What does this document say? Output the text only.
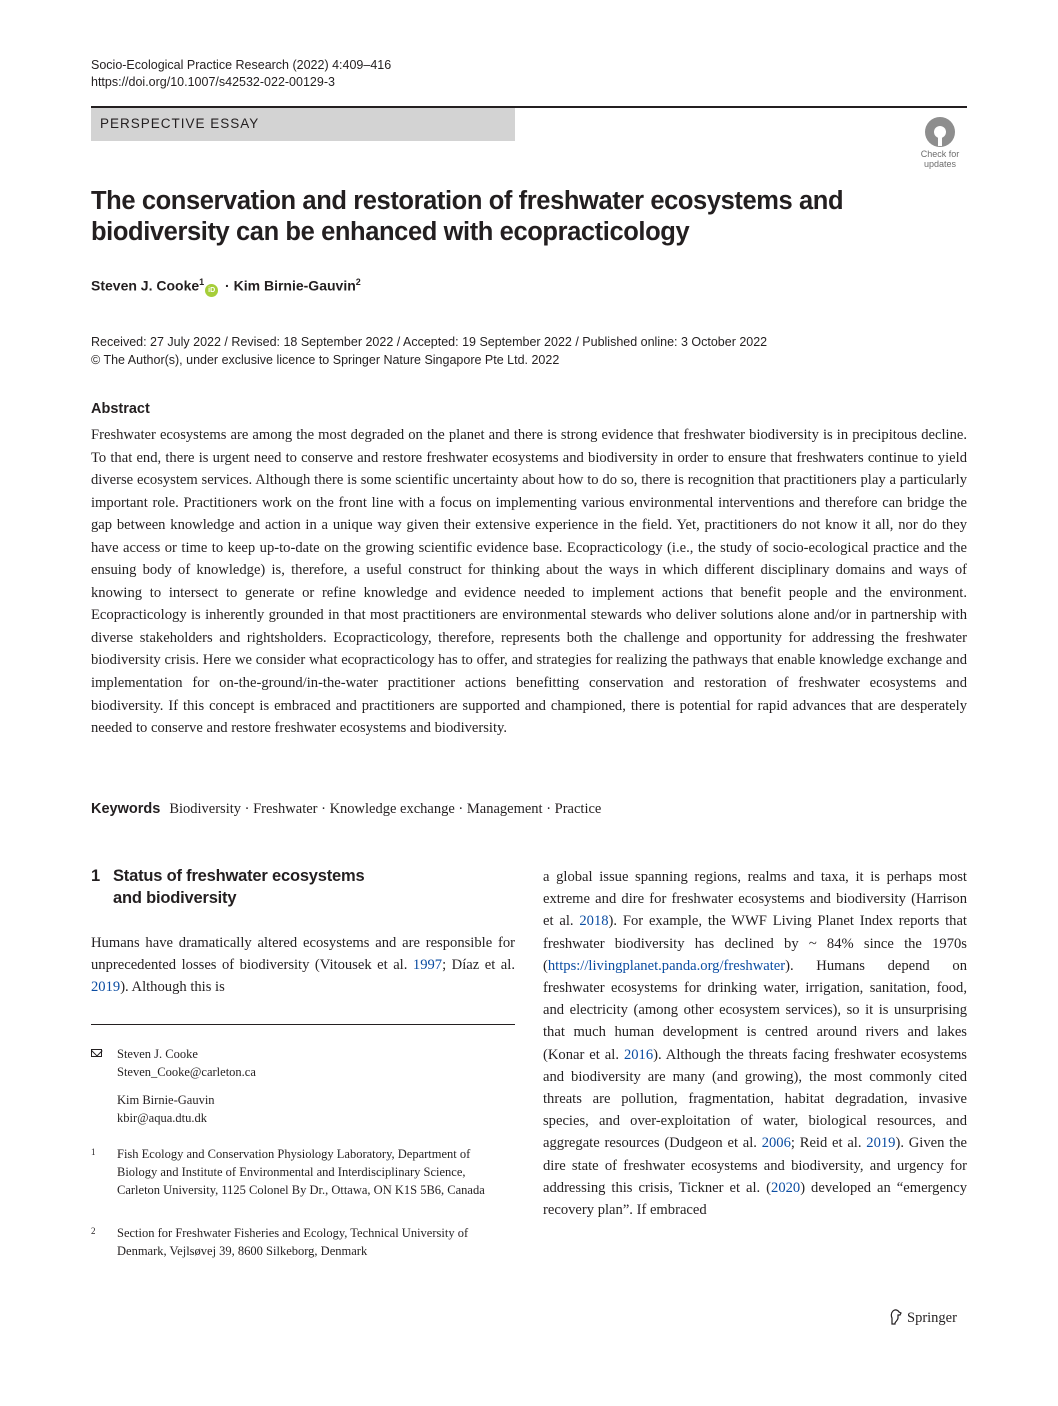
Socio-Ecological Practice Research (2022) 4:409–416
https://doi.org/10.1007/s42532-022-00129-3
PERSPECTIVE ESSAY
Check for
updates
The conservation and restoration of freshwater ecosystems and biodiversity can be enhanced with ecopracticology
Steven J. Cooke$^1$iD · Kim Birnie-Gauvin$^2$
Received: 27 July 2022 / Revised: 18 September 2022 / Accepted: 19 September 2022 / Published online: 3 October 2022
© The Author(s), under exclusive licence to Springer Nature Singapore Pte Ltd. 2022
Abstract

Freshwater ecosystems are among the most degraded on the planet and there is strong evidence that freshwater biodiversity is in precipitous decline. To that end, there is urgent need to conserve and restore freshwater ecosystems and biodiversity in order to ensure that freshwaters continue to yield diverse ecosystem services. Although there is some scientific uncertainty about how to do so, there is recognition that practitioners play a particularly important role. Practitioners work on the front line with a focus on implementing various environmental interventions and therefore can bridge the gap between knowledge and action in a unique way given their extensive experience in the field. Yet, practitioners do not know it all, nor do they have access or time to keep up-to-date on the growing scientific evidence base. Ecopracticology (i.e., the study of socio-ecological practice and the ensuing body of knowledge) is, therefore, a useful construct for thinking about the ways in which different disciplinary domains and ways of knowing to intersect to generate or refine knowledge and evidence needed to implement actions that benefit people and the environment. Ecopracticology is inherently grounded in that most practitioners are environmental stewards who deliver solutions alone and/or in partnership with diverse stakeholders and rightsholders. Ecopracticology, therefore, represents both the challenge and opportunity for addressing the freshwater biodiversity crisis. Here we consider what ecopracticology has to offer, and strategies for realizing the pathways that enable knowledge exchange and implementation for on-the-ground/in-the-water practitioner actions benefitting conservation and restoration of freshwater ecosystems and biodiversity. If this concept is embraced and practitioners are supported and championed, there is potential for rapid advances that are desperately needed to conserve and restore freshwater ecosystems and biodiversity.

Keywords Biodiversity · Freshwater · Knowledge exchange · Management · Practice
1 Status of freshwater ecosystems
and biodiversity

Humans have dramatically altered ecosystems and are responsible for unprecedented losses of biodiversity (Vitousek et al. 1997; Díaz et al. 2019). Although this is

a global issue spanning regions, realms and taxa, it is perhaps most extreme and dire for freshwater ecosystems and biodiversity (Harrison et al. 2018). For example, the WWF Living Planet Index reports that freshwater biodiversity has declined by ~ 84% since the 1970s (https://livingplanet.panda.org/freshwater). Humans depend on freshwater ecosystems for drinking water, irrigation, sanitation, food, and electricity (among other ecosystem services), so it is unsurprising that much human development is centred around rivers and lakes (Konar et al. 2016). Although the threats facing freshwater ecosystems and biodiversity are many (and growing), the most commonly cited threats are pollution, fragmentation, habitat degradation, invasive species, and over-exploitation of water, biological resources, and aggregate resources (Dudgeon et al. 2006; Reid et al. 2019). Given the dire state of freshwater ecosystems and biodiversity, and urgency for addressing this crisis, Tickner et al. (2020) developed an “emergency recovery plan”. If embraced

Steven J. Cooke
Steven_Cooke@carleton.ca
Kim Birnie-Gauvin
kbir@aqua.dtu.dk
1 Fish Ecology and Conservation Physiology Laboratory, Department of Biology and Institute of Environmental and Interdisciplinary Science, Carleton University, 1125 Colonel By Dr., Ottawa, ON K1S 5B6, Canada
2 Section for Freshwater Fisheries and Ecology, Technical University of Denmark, Vejlsøvej 39, 8600 Silkeborg, Denmark
Springer
